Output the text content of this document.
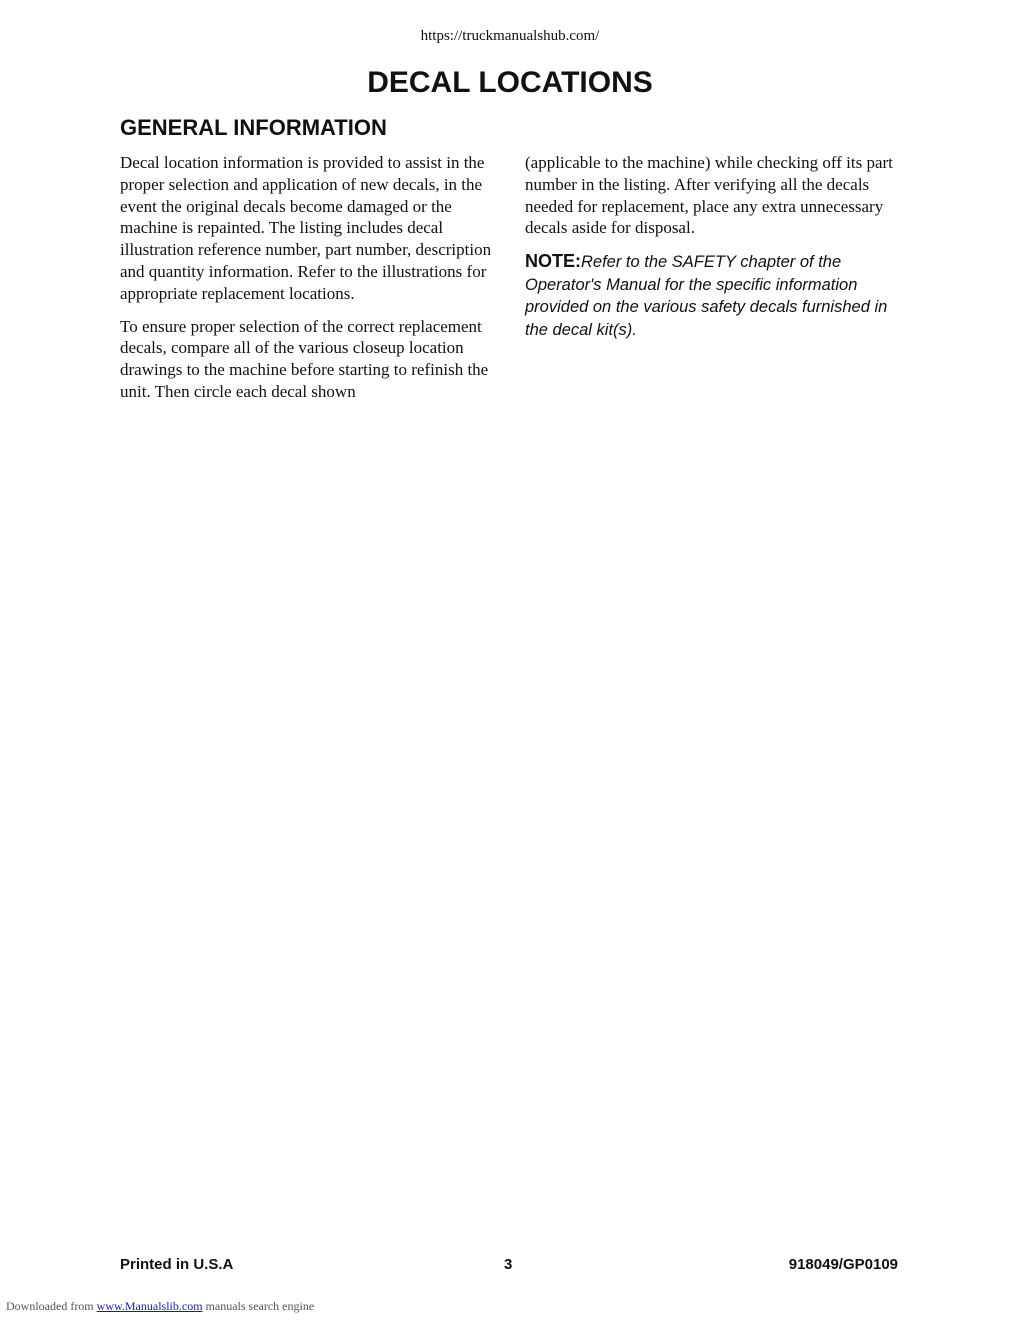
https://truckmanualshub.com/
DECAL LOCATIONS
GENERAL INFORMATION

Decal location information is provided to assist in the proper selection and application of new decals, in the event the original decals become damaged or the machine is repainted. The listing includes decal illustration reference number, part number, description and quantity information. Refer to the illustrations for appropriate replacement locations.

To ensure proper selection of the correct replacement decals, compare all of the various closeup location drawings to the machine before starting to refinish the unit. Then circle each decal shown

(applicable to the machine) while checking off its part number in the listing. After verifying all the decals needed for replacement, place any extra unnecessary decals aside for disposal.

NOTE:Refer to the SAFETY chapter of the Operator's Manual for the specific information provided on the various safety decals furnished in the decal kit(s).
Printed in U.S.A	3	918049/GP0109
Downloaded from www.Manualslib.com manuals search engine
